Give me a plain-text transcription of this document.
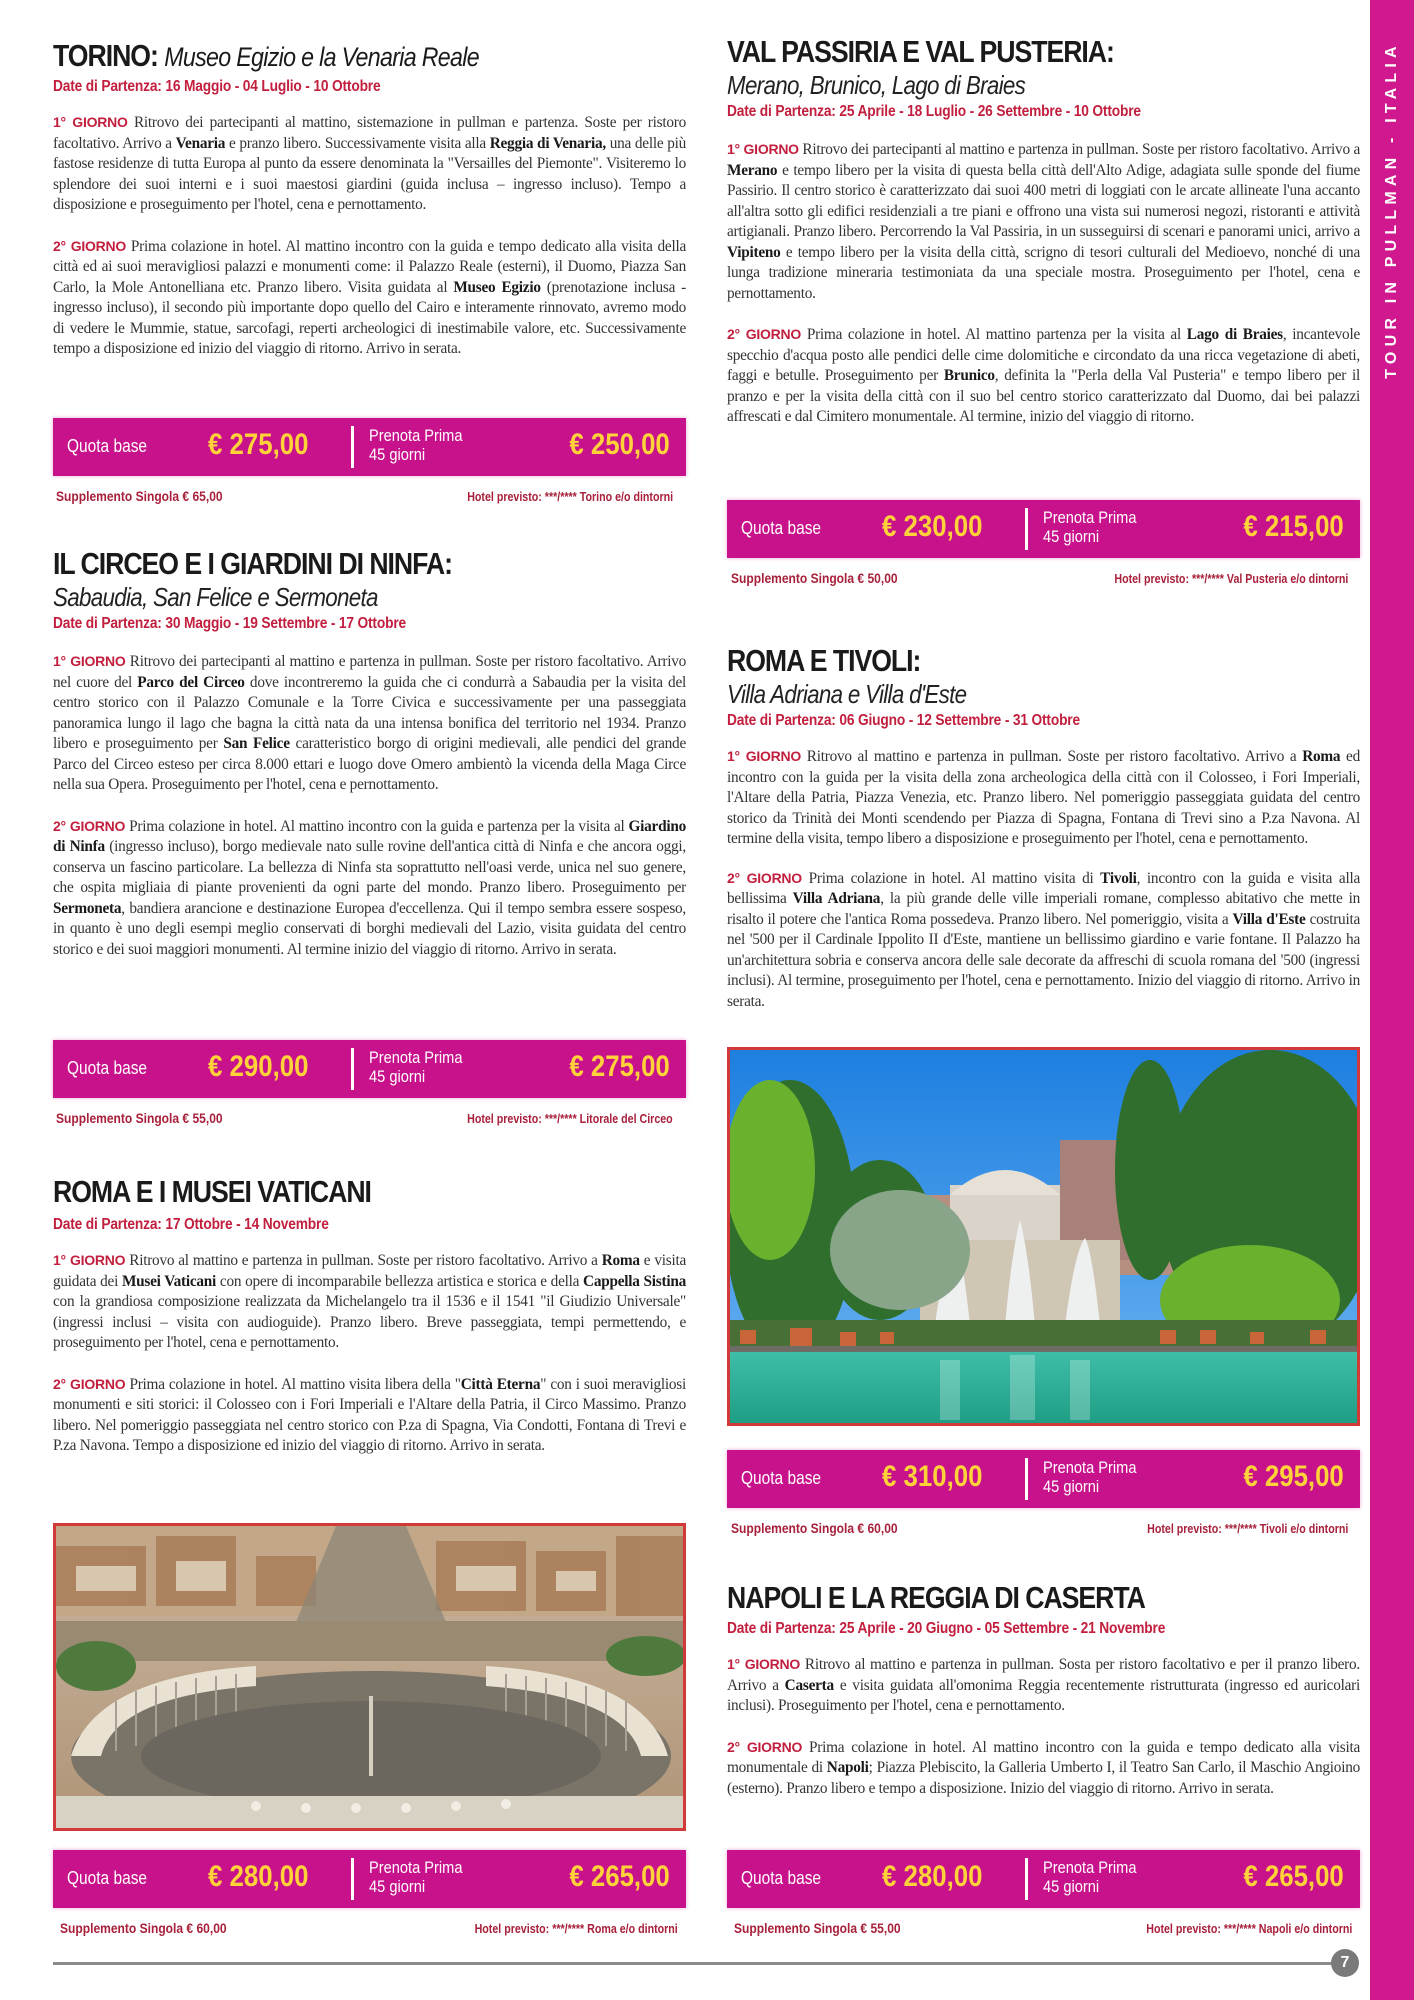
TORINO: Museo Egizio e la Venaria Reale
Date di Partenza: 16 Maggio - 04 Luglio - 10 Ottobre

1° GIORNO Ritrovo dei partecipanti al mattino, sistemazione in pullman e partenza. Soste per ristoro facoltativo. Arrivo a Venaria e pranzo libero. Successivamente visita alla Reggia di Venaria, una delle più fastose residenze di tutta Europa al punto da essere denominata la "Versailles del Piemonte". Visiteremo lo splendore dei suoi interni e i suoi maestosi giardini (guida inclusa – ingresso incluso). Tempo a disposizione e proseguimento per l'hotel, cena e pernottamento.

2° GIORNO Prima colazione in hotel. Al mattino incontro con la guida e tempo dedicato alla visita della città ed ai suoi meravigliosi palazzi e monumenti come: il Palazzo Reale (esterni), il Duomo, Piazza San Carlo, la Mole Antonelliana etc. Pranzo libero. Visita guidata al Museo Egizio (prenotazione inclusa - ingresso incluso), il secondo più importante dopo quello del Cairo e interamente rinnovato, avremo modo di vedere le Mummie, statue, sarcofagi, reperti archeologici di inestimabile valore, etc. Successivamente tempo a disposizione ed inizio del viaggio di ritorno. Arrivo in serata.

Quota base € 275,00	Prenota Prima
45 giorni	€ 250,00
Supplemento Singola € 65,00	Hotel previsto: ***/**** Torino e/o dintorni
IL CIRCEO E I GIARDINI DI NINFA:
Sabaudia, San Felice e Sermoneta
Date di Partenza: 30 Maggio - 19 Settembre - 17 Ottobre

1° GIORNO Ritrovo dei partecipanti al mattino e partenza in pullman. Soste per ristoro facoltativo. Arrivo nel cuore del Parco del Circeo dove incontreremo la guida che ci condurrà a Sabaudia per la visita del centro storico con il Palazzo Comunale e la Torre Civica e successivamente per una passeggiata panoramica lungo il lago che bagna la città nata da una intensa bonifica del territorio nel 1934. Pranzo libero e proseguimento per San Felice caratteristico borgo di origini medievali, alle pendici del grande Parco del Circeo esteso per circa 8.000 ettari e luogo dove Omero ambientò la vicenda della Maga Circe nella sua Opera. Proseguimento per l'hotel, cena e pernottamento.

2° GIORNO Prima colazione in hotel. Al mattino incontro con la guida e partenza per la visita al Giardino di Ninfa (ingresso incluso), borgo medievale nato sulle rovine dell'antica città di Ninfa e che ancora oggi, conserva un fascino particolare. La bellezza di Ninfa sta soprattutto nell'oasi verde, unica nel suo genere, che ospita migliaia di piante provenienti da ogni parte del mondo. Pranzo libero. Proseguimento per Sermoneta, bandiera arancione e destinazione Europea d'eccellenza. Qui il tempo sembra essere sospeso, in quanto è uno degli esempi meglio conservati di borghi medievali del Lazio, visita guidata del centro storico e dei suoi maggiori monumenti. Al termine inizio del viaggio di ritorno. Arrivo in serata.

Quota base € 290,00	Prenota Prima
45 giorni	€ 275,00
Supplemento Singola € 55,00	Hotel previsto: ***/**** Litorale del Circeo
ROMA E I MUSEI VATICANI
Date di Partenza: 17 Ottobre - 14 Novembre

1° GIORNO Ritrovo al mattino e partenza in pullman. Soste per ristoro facoltativo. Arrivo a Roma e visita guidata dei Musei Vaticani con opere di incomparabile bellezza artistica e storica e della Cappella Sistina con la grandiosa composizione realizzata da Michelangelo tra il 1536 e il 1541 "il Giudizio Universale" (ingressi inclusi – visita con audioguide). Pranzo libero. Breve passeggiata, tempi permettendo, e proseguimento per l'hotel, cena e pernottamento.

2° GIORNO Prima colazione in hotel. Al mattino visita libera della "Città Eterna" con i suoi meravigliosi monumenti e siti storici: il Colosseo con i Fori Imperiali e l'Altare della Patria, il Circo Massimo. Pranzo libero. Nel pomeriggio passeggiata nel centro storico con P.za di Spagna, Via Condotti, Fontana di Trevi e P.za Navona. Tempo a disposizione ed inizio del viaggio di ritorno. Arrivo in serata.

Quota base € 280,00	Prenota Prima
45 giorni	€ 265,00
Supplemento Singola € 60,00	Hotel previsto: ***/**** Roma e/o dintorni
VAL PASSIRIA E VAL PUSTERIA:
Merano, Brunico, Lago di Braies
Date di Partenza: 25 Aprile - 18 Luglio - 26 Settembre - 10 Ottobre

1° GIORNO Ritrovo dei partecipanti al mattino e partenza in pullman. Soste per ristoro facoltativo. Arrivo a Merano e tempo libero per la visita di questa bella città dell'Alto Adige, adagiata sulle sponde del fiume Passirio. Il centro storico è caratterizzato dai suoi 400 metri di loggiati con le arcate allineate l'una accanto all'altra sotto gli edifici residenziali a tre piani e offrono una vista sui numerosi negozi, ristoranti e attività artigianali. Pranzo libero. Percorrendo la Val Passiria, in un susseguirsi di scenari e panorami unici, arrivo a Vipiteno e tempo libero per la visita della città, scrigno di tesori culturali del Medioevo, nonché di una lunga tradizione mineraria testimoniata da una speciale mostra. Proseguimento per l'hotel, cena e pernottamento.

2° GIORNO Prima colazione in hotel. Al mattino partenza per la visita al Lago di Braies, incantevole specchio d'acqua posto alle pendici delle cime dolomitiche e circondato da una ricca vegetazione di abeti, faggi e betulle. Proseguimento per Brunico, definita la "Perla della Val Pusteria" e tempo libero per il pranzo e per la visita della città con il suo bel centro storico caratterizzato dal Duomo, dai bei palazzi affrescati e dal Cimitero monumentale. Al termine, inizio del viaggio di ritorno.

Quota base € 230,00	Prenota Prima
45 giorni	€ 215,00
Supplemento Singola € 50,00	Hotel previsto: ***/**** Val Pusteria e/o dintorni
ROMA E TIVOLI:
Villa Adriana e Villa d'Este
Date di Partenza: 06 Giugno - 12 Settembre - 31 Ottobre

1° GIORNO Ritrovo al mattino e partenza in pullman. Soste per ristoro facoltativo. Arrivo a Roma ed incontro con la guida per la visita della zona archeologica della città con il Colosseo, i Fori Imperiali, l'Altare della Patria, Piazza Venezia, etc. Pranzo libero. Nel pomeriggio passeggiata guidata del centro storico da Trinità dei Monti scendendo per Piazza di Spagna, Fontana di Trevi sino a P.za Navona. Al termine della visita, tempo libero a disposizione e proseguimento per l'hotel, cena e pernottamento.

2° GIORNO Prima colazione in hotel. Al mattino visita di Tivoli, incontro con la guida e visita alla bellissima Villa Adriana, la più grande delle ville imperiali romane, complesso abitativo che mette in risalto il potere che l'antica Roma possedeva. Pranzo libero. Nel pomeriggio, visita a Villa d'Este costruita nel '500 per il Cardinale Ippolito II d'Este, mantiene un bellissimo giardino e varie fontane. Il Palazzo ha un'architettura sobria e conserva ancora delle sale decorate da affreschi di scuola romana del '500 (ingressi inclusi). Al termine, proseguimento per l'hotel, cena e pernottamento. Inizio del viaggio di ritorno. Arrivo in serata.

Quota base € 310,00	Prenota Prima
45 giorni	€ 295,00
Supplemento Singola € 60,00	Hotel previsto: ***/**** Tivoli e/o dintorni
NAPOLI E LA REGGIA DI CASERTA
Date di Partenza: 25 Aprile - 20 Giugno - 05 Settembre - 21 Novembre

1° GIORNO Ritrovo al mattino e partenza in pullman. Sosta per ristoro facoltativo e per il pranzo libero. Arrivo a Caserta e visita guidata all'omonima Reggia recentemente ristrutturata (ingresso ed auricolari inclusi). Proseguimento per l'hotel, cena e pernottamento.

2° GIORNO Prima colazione in hotel. Al mattino incontro con la guida e tempo dedicato alla visita monumentale di Napoli; Piazza Plebiscito, la Galleria Umberto I, il Teatro San Carlo, il Maschio Angioino (esterno). Pranzo libero e tempo a disposizione. Inizio del viaggio di ritorno. Arrivo in serata.

Quota base € 280,00	Prenota Prima
45 giorni	€ 265,00
Supplemento Singola € 55,00	Hotel previsto: ***/**** Napoli e/o dintorni
7
TOUR IN PULLMAN - ITALIA
